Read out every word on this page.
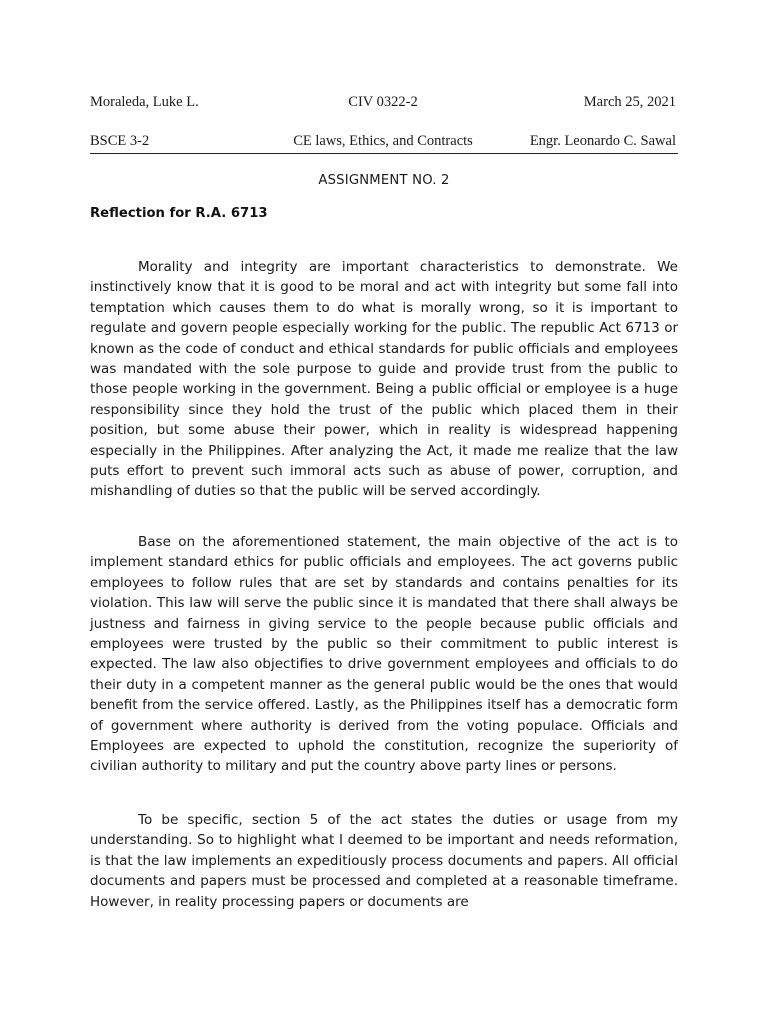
Moraleda, Luke L.	CIV 0322-2	March 25, 2021
BSCE 3-2	CE laws, Ethics, and Contracts	Engr. Leonardo C. Sawal
ASSIGNMENT NO. 2
Reflection for R.A. 6713

Morality and integrity are important characteristics to demonstrate. We instinctively know that it is good to be moral and act with integrity but some fall into temptation which causes them to do what is morally wrong, so it is important to regulate and govern people especially working for the public. The republic Act 6713 or known as the code of conduct and ethical standards for public officials and employees was mandated with the sole purpose to guide and provide trust from the public to those people working in the government. Being a public official or employee is a huge responsibility since they hold the trust of the public which placed them in their position, but some abuse their power, which in reality is widespread happening especially in the Philippines. After analyzing the Act, it made me realize that the law puts effort to prevent such immoral acts such as abuse of power, corruption, and mishandling of duties so that the public will be served accordingly.

Base on the aforementioned statement, the main objective of the act is to implement standard ethics for public officials and employees. The act governs public employees to follow rules that are set by standards and contains penalties for its violation. This law will serve the public since it is mandated that there shall always be justness and fairness in giving service to the people because public officials and employees were trusted by the public so their commitment to public interest is expected. The law also objectifies to drive government employees and officials to do their duty in a competent manner as the general public would be the ones that would benefit from the service offered. Lastly, as the Philippines itself has a democratic form of government where authority is derived from the voting populace. Officials and Employees are expected to uphold the constitution, recognize the superiority of civilian authority to military and put the country above party lines or persons.

To be specific, section 5 of the act states the duties or usage from my understanding. So to highlight what I deemed to be important and needs reformation, is that the law implements an expeditiously process documents and papers. All official documents and papers must be processed and completed at a reasonable timeframe. However, in reality processing papers or documents are
